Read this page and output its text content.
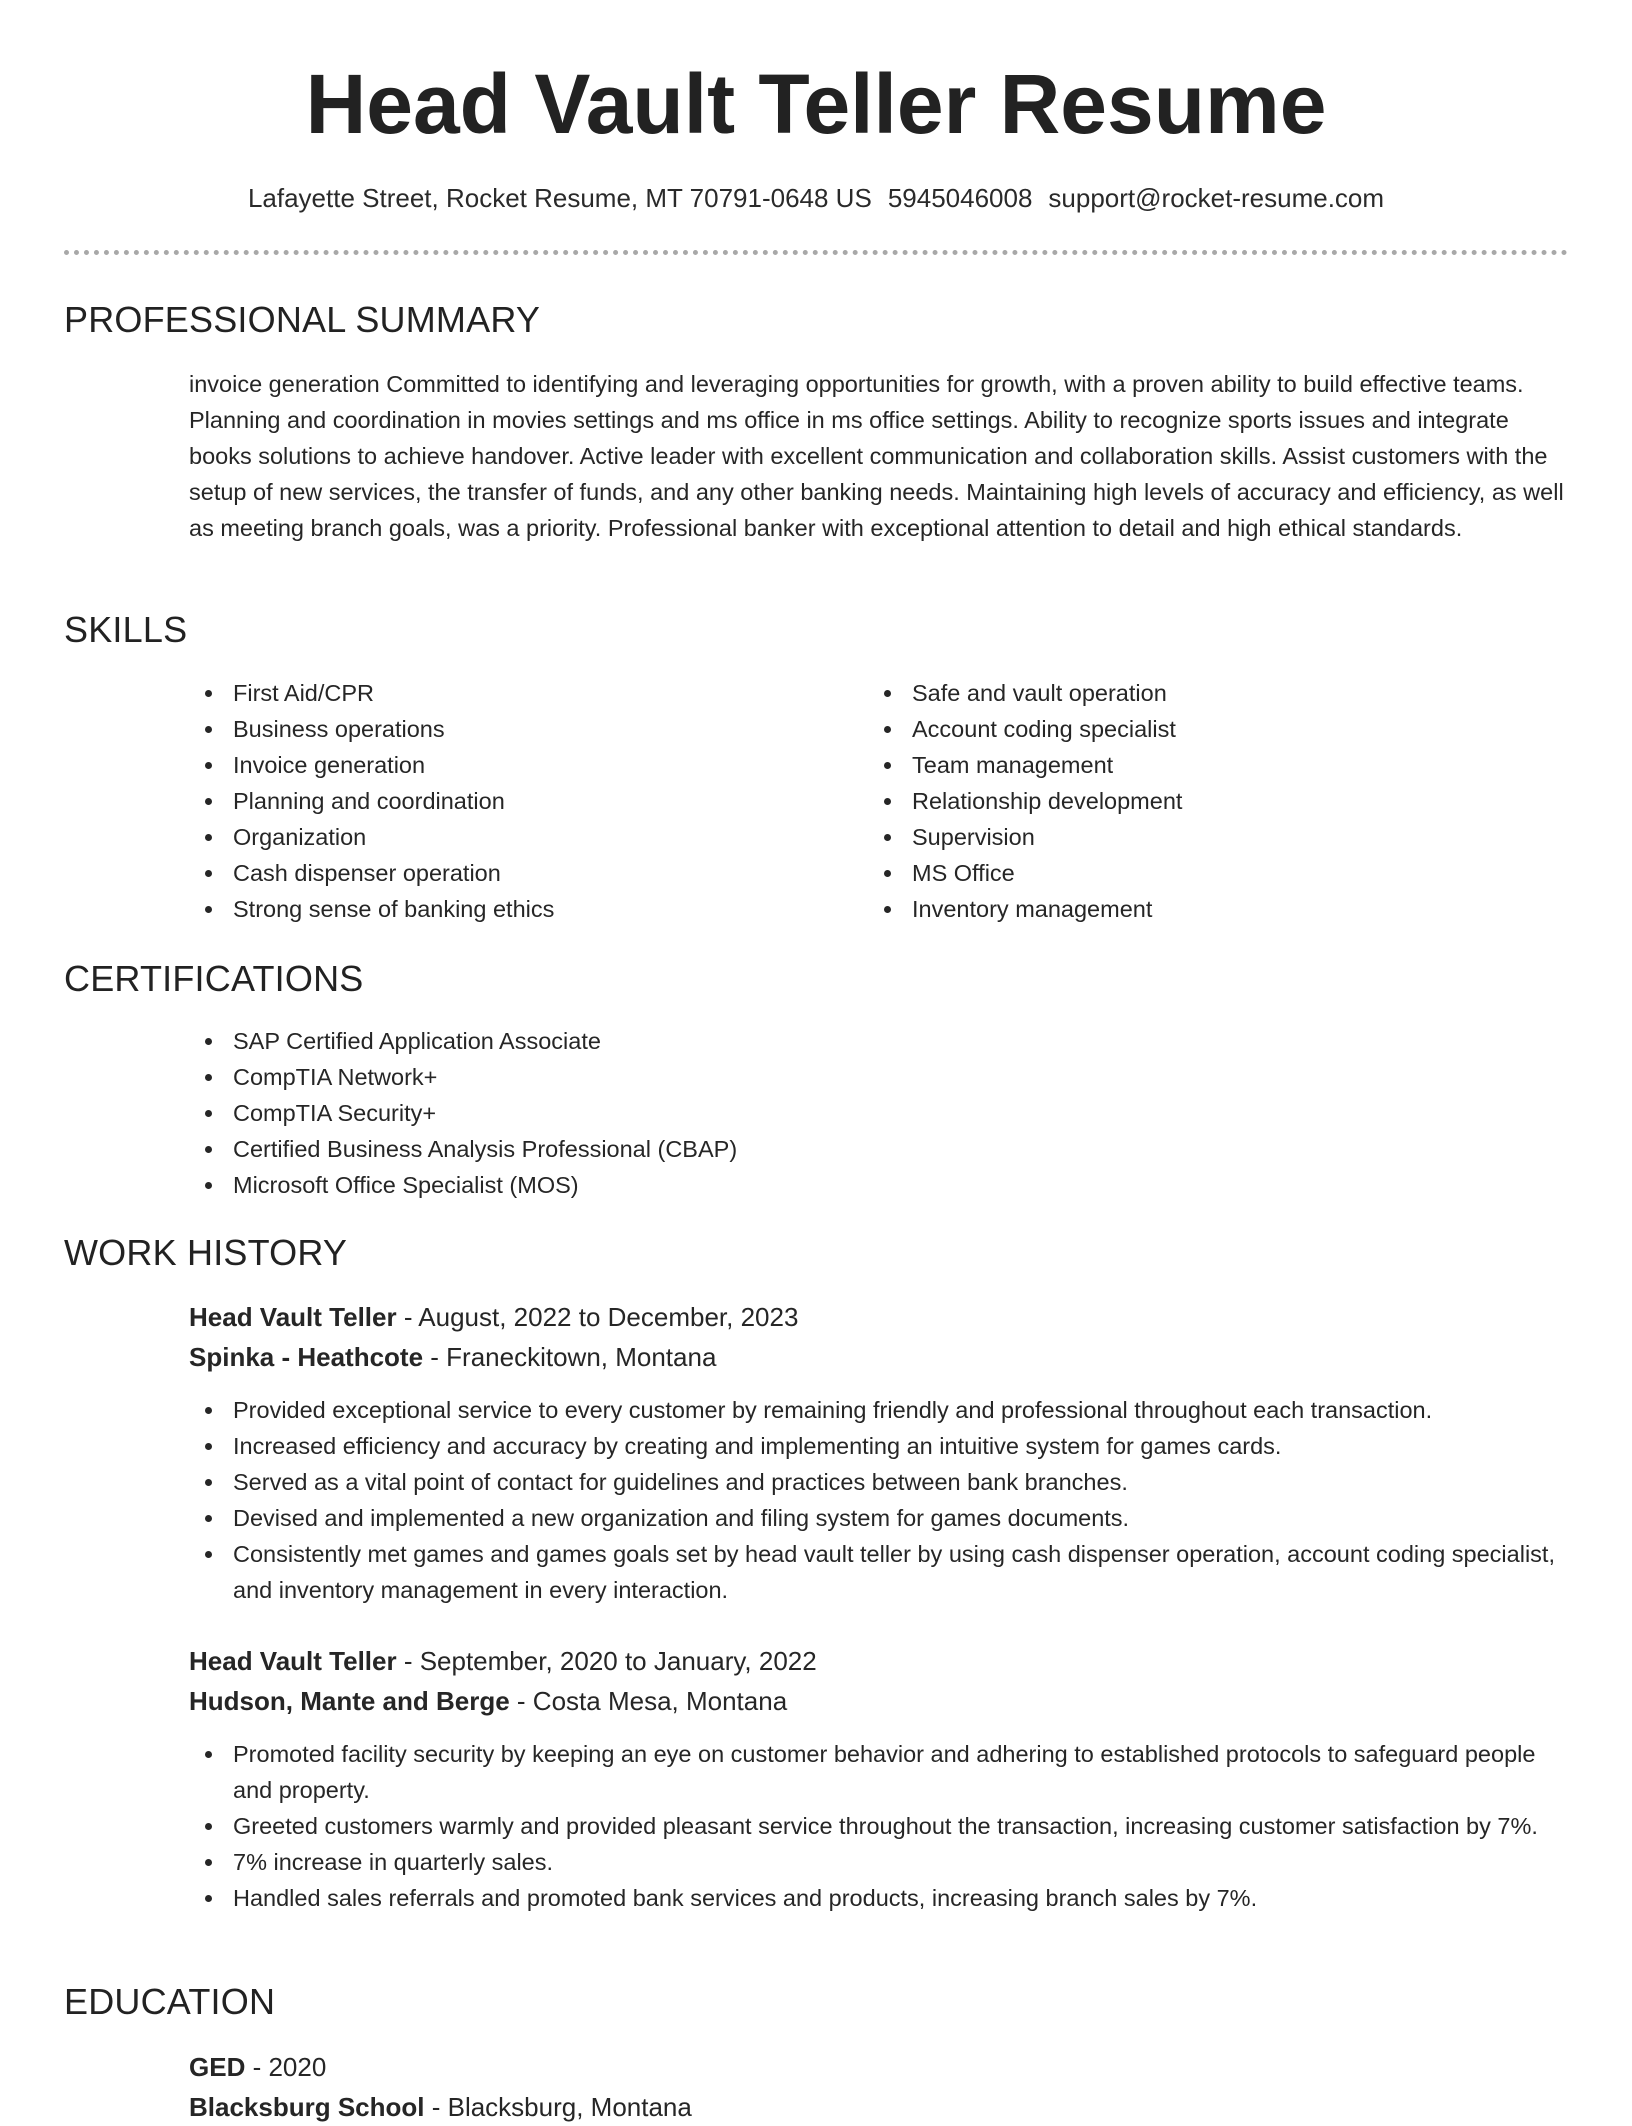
Head Vault Teller Resume
Lafayette Street, Rocket Resume, MT 70791-0648 US 5945046008 support@rocket-resume.com
PROFESSIONAL SUMMARY

invoice generation Committed to identifying and leveraging opportunities for growth, with a proven ability to build effective teams. Planning and coordination in movies settings and ms office in ms office settings. Ability to recognize sports issues and integrate books solutions to achieve handover. Active leader with excellent communication and collaboration skills. Assist customers with the setup of new services, the transfer of funds, and any other banking needs. Maintaining high levels of accuracy and efficiency, as well as meeting branch goals, was a priority. Professional banker with exceptional attention to detail and high ethical standards.

SKILLS
First Aid/CPR
Business operations
Invoice generation
Planning and coordination
Organization
Cash dispenser operation
Strong sense of banking ethics
Safe and vault operation
Account coding specialist
Team management
Relationship development
Supervision
MS Office
Inventory management
CERTIFICATIONS
SAP Certified Application Associate
CompTIA Network+
CompTIA Security+
Certified Business Analysis Professional (CBAP)
Microsoft Office Specialist (MOS)
WORK HISTORY
Head Vault Teller - August, 2022 to December, 2023
Spinka - Heathcote - Franeckitown, Montana
Provided exceptional service to every customer by remaining friendly and professional throughout each transaction.
Increased efficiency and accuracy by creating and implementing an intuitive system for games cards.
Served as a vital point of contact for guidelines and practices between bank branches.
Devised and implemented a new organization and filing system for games documents.
Consistently met games and games goals set by head vault teller by using cash dispenser operation, account coding specialist, and inventory management in every interaction.
Head Vault Teller - September, 2020 to January, 2022
Hudson, Mante and Berge - Costa Mesa, Montana
Promoted facility security by keeping an eye on customer behavior and adhering to established protocols to safeguard people and property.
Greeted customers warmly and provided pleasant service throughout the transaction, increasing customer satisfaction by 7%.
7% increase in quarterly sales.
Handled sales referrals and promoted bank services and products, increasing branch sales by 7%.
EDUCATION
GED - 2020
Blacksburg School - Blacksburg, Montana
